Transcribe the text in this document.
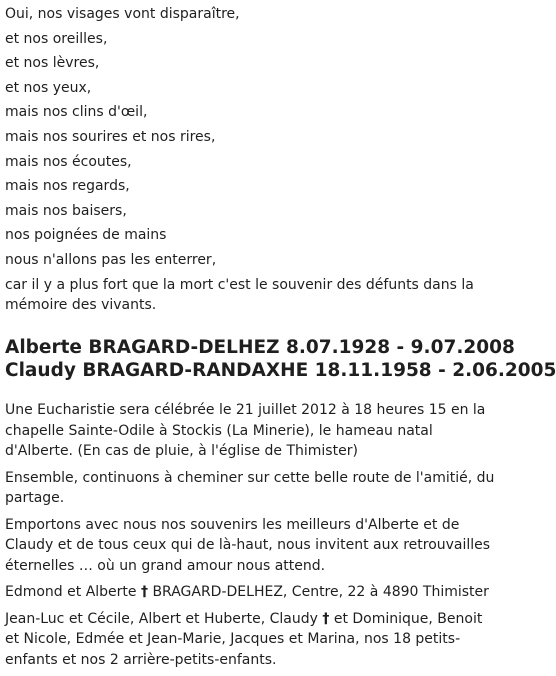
Oui, nos visages vont disparaître,
et nos oreilles,
et nos lèvres,
et nos yeux,
mais nos clins d'œil,
mais nos sourires et nos rires,
mais nos écoutes,
mais nos regards,
mais nos baisers,
nos poignées de mains
nous n'allons pas les enterrer,
car il y a plus fort que la mort c'est le souvenir des défunts dans la mémoire des vivants.
Alberte BRAGARD-DELHEZ 8.07.1928 - 9.07.2008
Claudy BRAGARD-RANDAXHE 18.11.1958 - 2.06.2005
Une Eucharistie sera célébrée le 21 juillet 2012 à 18 heures 15 en la chapelle Sainte-Odile à Stockis (La Minerie), le hameau natal d'Alberte. (En cas de pluie, à l'église de Thimister)
Ensemble, continuons à cheminer sur cette belle route de l'amitié, du partage.
Emportons avec nous nos souvenirs les meilleurs d'Alberte et de Claudy et de tous ceux qui de là-haut, nous invitent aux retrouvailles éternelles … où un grand amour nous attend.
Edmond et Alberte † BRAGARD-DELHEZ, Centre, 22 à 4890 Thimister
Jean-Luc et Cécile, Albert et Huberte, Claudy † et Dominique, Benoit et Nicole, Edmée et Jean-Marie, Jacques et Marina, nos 18 petits-enfants et nos 2 arrière-petits-enfants.
